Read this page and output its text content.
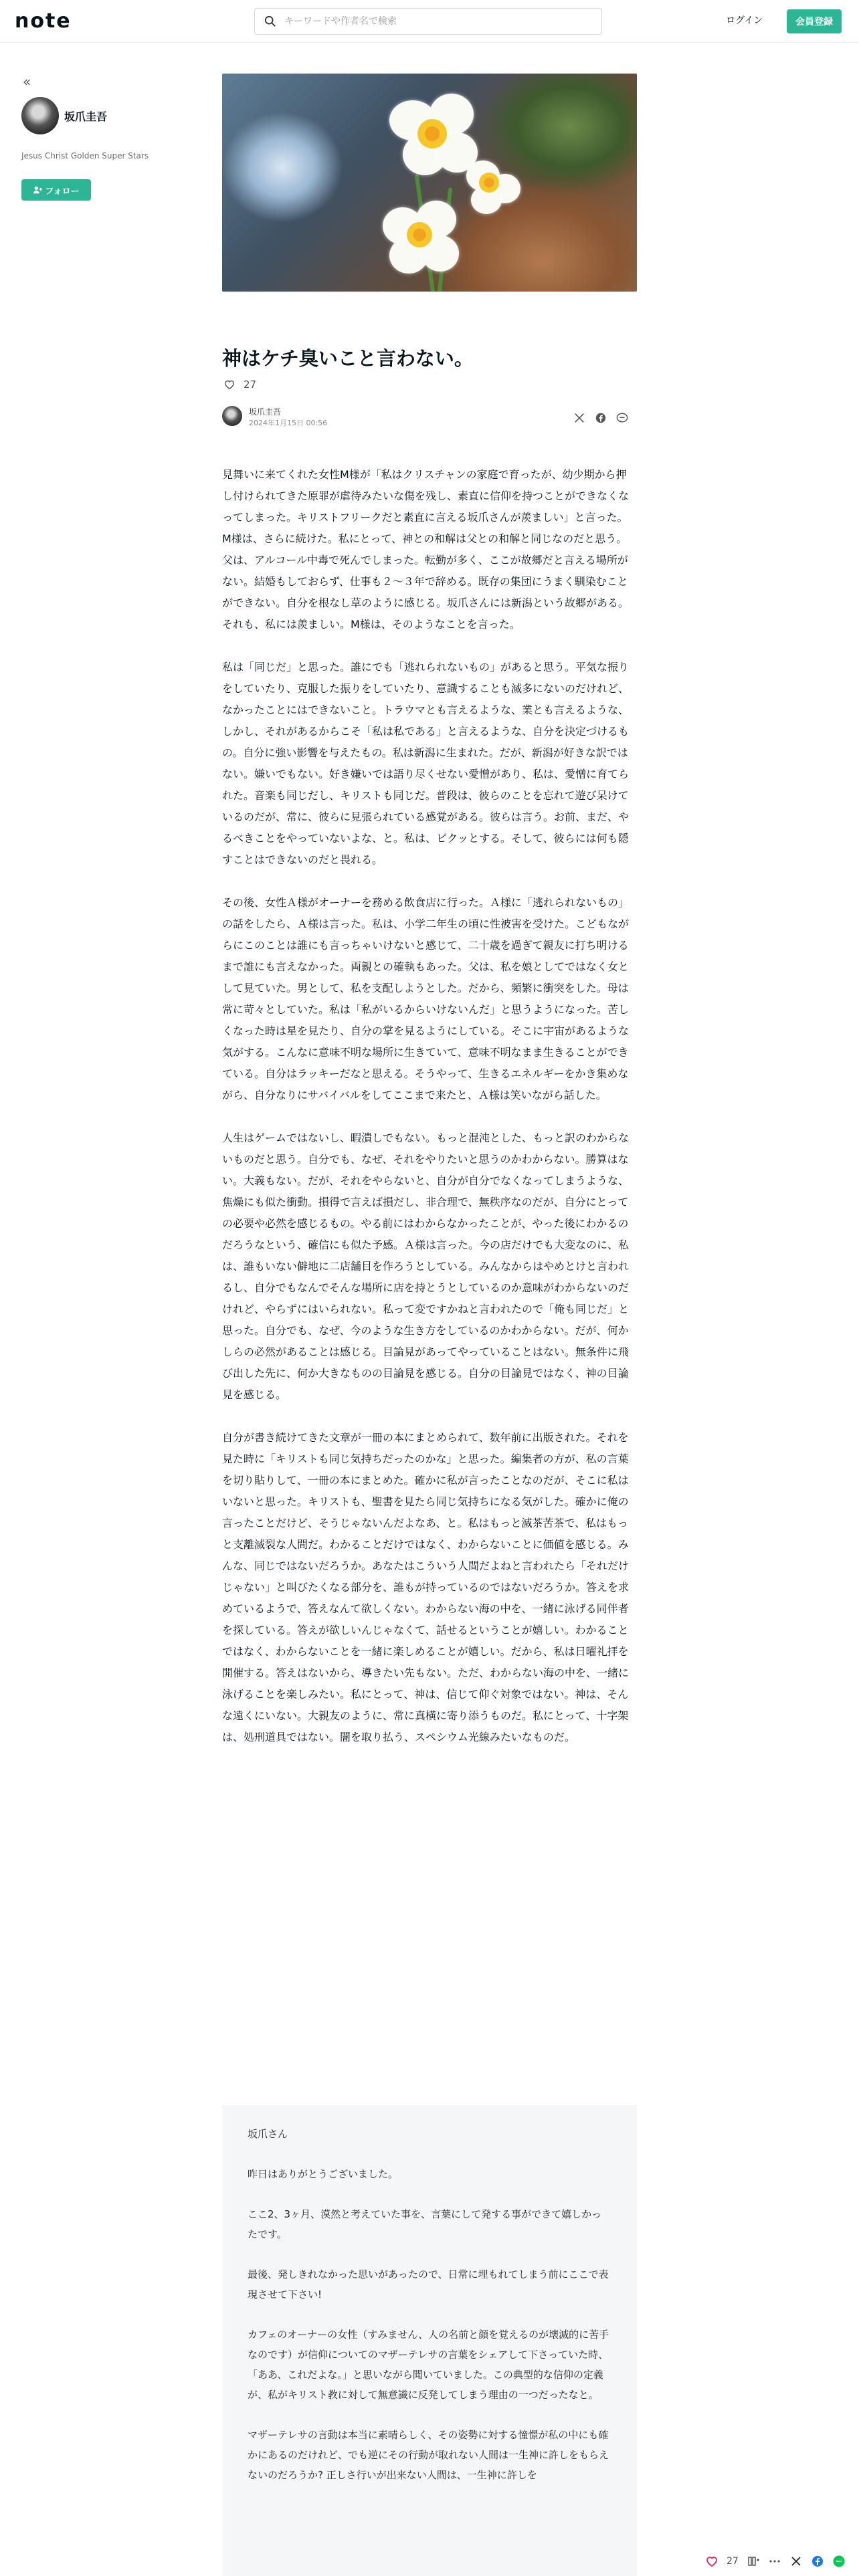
note
キーワードや作者名で検索	ログイン	会員登録
«
坂爪圭吾
Jesus Christ Golden Super Stars
フォロー
神はケチ臭いこと言わない。
27
坂爪圭吾
2024年1月15日 00:56

見舞いに来てくれた女性M様が「私はクリスチャンの家庭で育ったが、幼少期から押し付けられてきた原罪が虐待みたいな傷を残し、素直に信仰を持つことができなくなってしまった。キリストフリークだと素直に言える坂爪さんが羨ましい」と言った。M様は、さらに続けた。私にとって、神との和解は父との和解と同じなのだと思う。父は、アルコール中毒で死んでしまった。転勤が多く、ここが故郷だと言える場所がない。結婚もしておらず、仕事も２〜３年で辞める。既存の集団にうまく馴染むことができない。自分を根なし草のように感じる。坂爪さんには新潟という故郷がある。それも、私には羨ましい。M様は、そのようなことを言った。

私は「同じだ」と思った。誰にでも「逃れられないもの」があると思う。平気な振りをしていたり、克服した振りをしていたり、意識することも滅多にないのだけれど、なかったことにはできないこと。トラウマとも言えるような、業とも言えるような、しかし、それがあるからこそ「私は私である」と言えるような、自分を決定づけるもの。自分に強い影響を与えたもの。私は新潟に生まれた。だが、新潟が好きな訳ではない。嫌いでもない。好き嫌いでは語り尽くせない愛憎があり、私は、愛憎に育てられた。音楽も同じだし、キリストも同じだ。普段は、彼らのことを忘れて遊び呆けているのだが、常に、彼らに見張られている感覚がある。彼らは言う。お前、まだ、やるべきことをやっていないよな、と。私は、ピクッとする。そして、彼らには何も隠すことはできないのだと畏れる。

その後、女性Ａ様がオーナーを務める飲食店に行った。Ａ様に「逃れられないもの」の話をしたら、Ａ様は言った。私は、小学二年生の頃に性被害を受けた。こどもながらにこのことは誰にも言っちゃいけないと感じて、二十歳を過ぎて親友に打ち明けるまで誰にも言えなかった。両親との確執もあった。父は、私を娘としてではなく女として見ていた。男として、私を支配しようとした。だから、頻繁に衝突をした。母は常に苛々としていた。私は「私がいるからいけないんだ」と思うようになった。苦しくなった時は星を見たり、自分の掌を見るようにしている。そこに宇宙があるような気がする。こんなに意味不明な場所に生きていて、意味不明なまま生きることができている。自分はラッキーだなと思える。そうやって、生きるエネルギーをかき集めながら、自分なりにサバイバルをしてここまで来たと、Ａ様は笑いながら話した。

人生はゲームではないし、暇潰しでもない。もっと混沌とした、もっと訳のわからないものだと思う。自分でも、なぜ、それをやりたいと思うのかわからない。勝算はない。大義もない。だが、それをやらないと、自分が自分でなくなってしまうような、焦燥にも似た衝動。損得で言えば損だし、非合理で、無秩序なのだが、自分にとっての必要や必然を感じるもの。やる前にはわからなかったことが、やった後にわかるのだろうなという、確信にも似た予感。Ａ様は言った。今の店だけでも大変なのに、私は、誰もいない僻地に二店舗目を作ろうとしている。みんなからはやめとけと言われるし、自分でもなんでそんな場所に店を持とうとしているのか意味がわからないのだけれど、やらずにはいられない。私って変ですかねと言われたので「俺も同じだ」と思った。自分でも、なぜ、今のような生き方をしているのかわからない。だが、何かしらの必然があることは感じる。目論見があってやっていることはない。無条件に飛び出した先に、何か大きなものの目論見を感じる。自分の目論見ではなく、神の目論見を感じる。

自分が書き続けてきた文章が一冊の本にまとめられて、数年前に出版された。それを見た時に「キリストも同じ気持ちだったのかな」と思った。編集者の方が、私の言葉を切り貼りして、一冊の本にまとめた。確かに私が言ったことなのだが、そこに私はいないと思った。キリストも、聖書を見たら同じ気持ちになる気がした。確かに俺の言ったことだけど、そうじゃないんだよなあ、と。私はもっと滅茶苦茶で、私はもっと支離滅裂な人間だ。わかることだけではなく、わからないことに価値を感じる。みんな、同じではないだろうか。あなたはこういう人間だよねと言われたら「それだけじゃない」と叫びたくなる部分を、誰もが持っているのではないだろうか。答えを求めているようで、答えなんて欲しくない。わからない海の中を、一緒に泳げる同伴者を探している。答えが欲しいんじゃなくて、話せるということが嬉しい。わかることではなく、わからないことを一緒に楽しめることが嬉しい。だから、私は日曜礼拝を開催する。答えはないから、導きたい先もない。ただ、わからない海の中を、一緒に泳げることを楽しみたい。私にとって、神は、信じて仰ぐ対象ではない。神は、そんな遠くにいない。大親友のように、常に真横に寄り添うものだ。私にとって、十字架は、処刑道具ではない。闇を取り払う、スペシウム光線みたいなものだ。

坂爪さん

昨日はありがとうございました。

ここ2、3ヶ月、漠然と考えていた事を、言葉にして発する事ができて嬉しかったです。

最後、発しきれなかった思いがあったので、日常に埋もれてしまう前にここで表現させて下さい!

カフェのオーナーの女性（すみません、人の名前と顔を覚えるのが壊滅的に苦手なのです）が信仰についてのマザーテレサの言葉をシェアして下さっていた時、「ああ、これだよな。」と思いながら聞いていました。この典型的な信仰の定義が、私がキリスト教に対して無意識に反発してしまう理由の一つだったなと。

マザーテレサの言動は本当に素晴らしく、その姿勢に対する憧憬が私の中にも確かにあるのだけれど、でも逆にその行動が取れない人間は一生神に許しをもらえないのだろうか? 正しさ行いが出来ない人間は、一生神に許しを

27
